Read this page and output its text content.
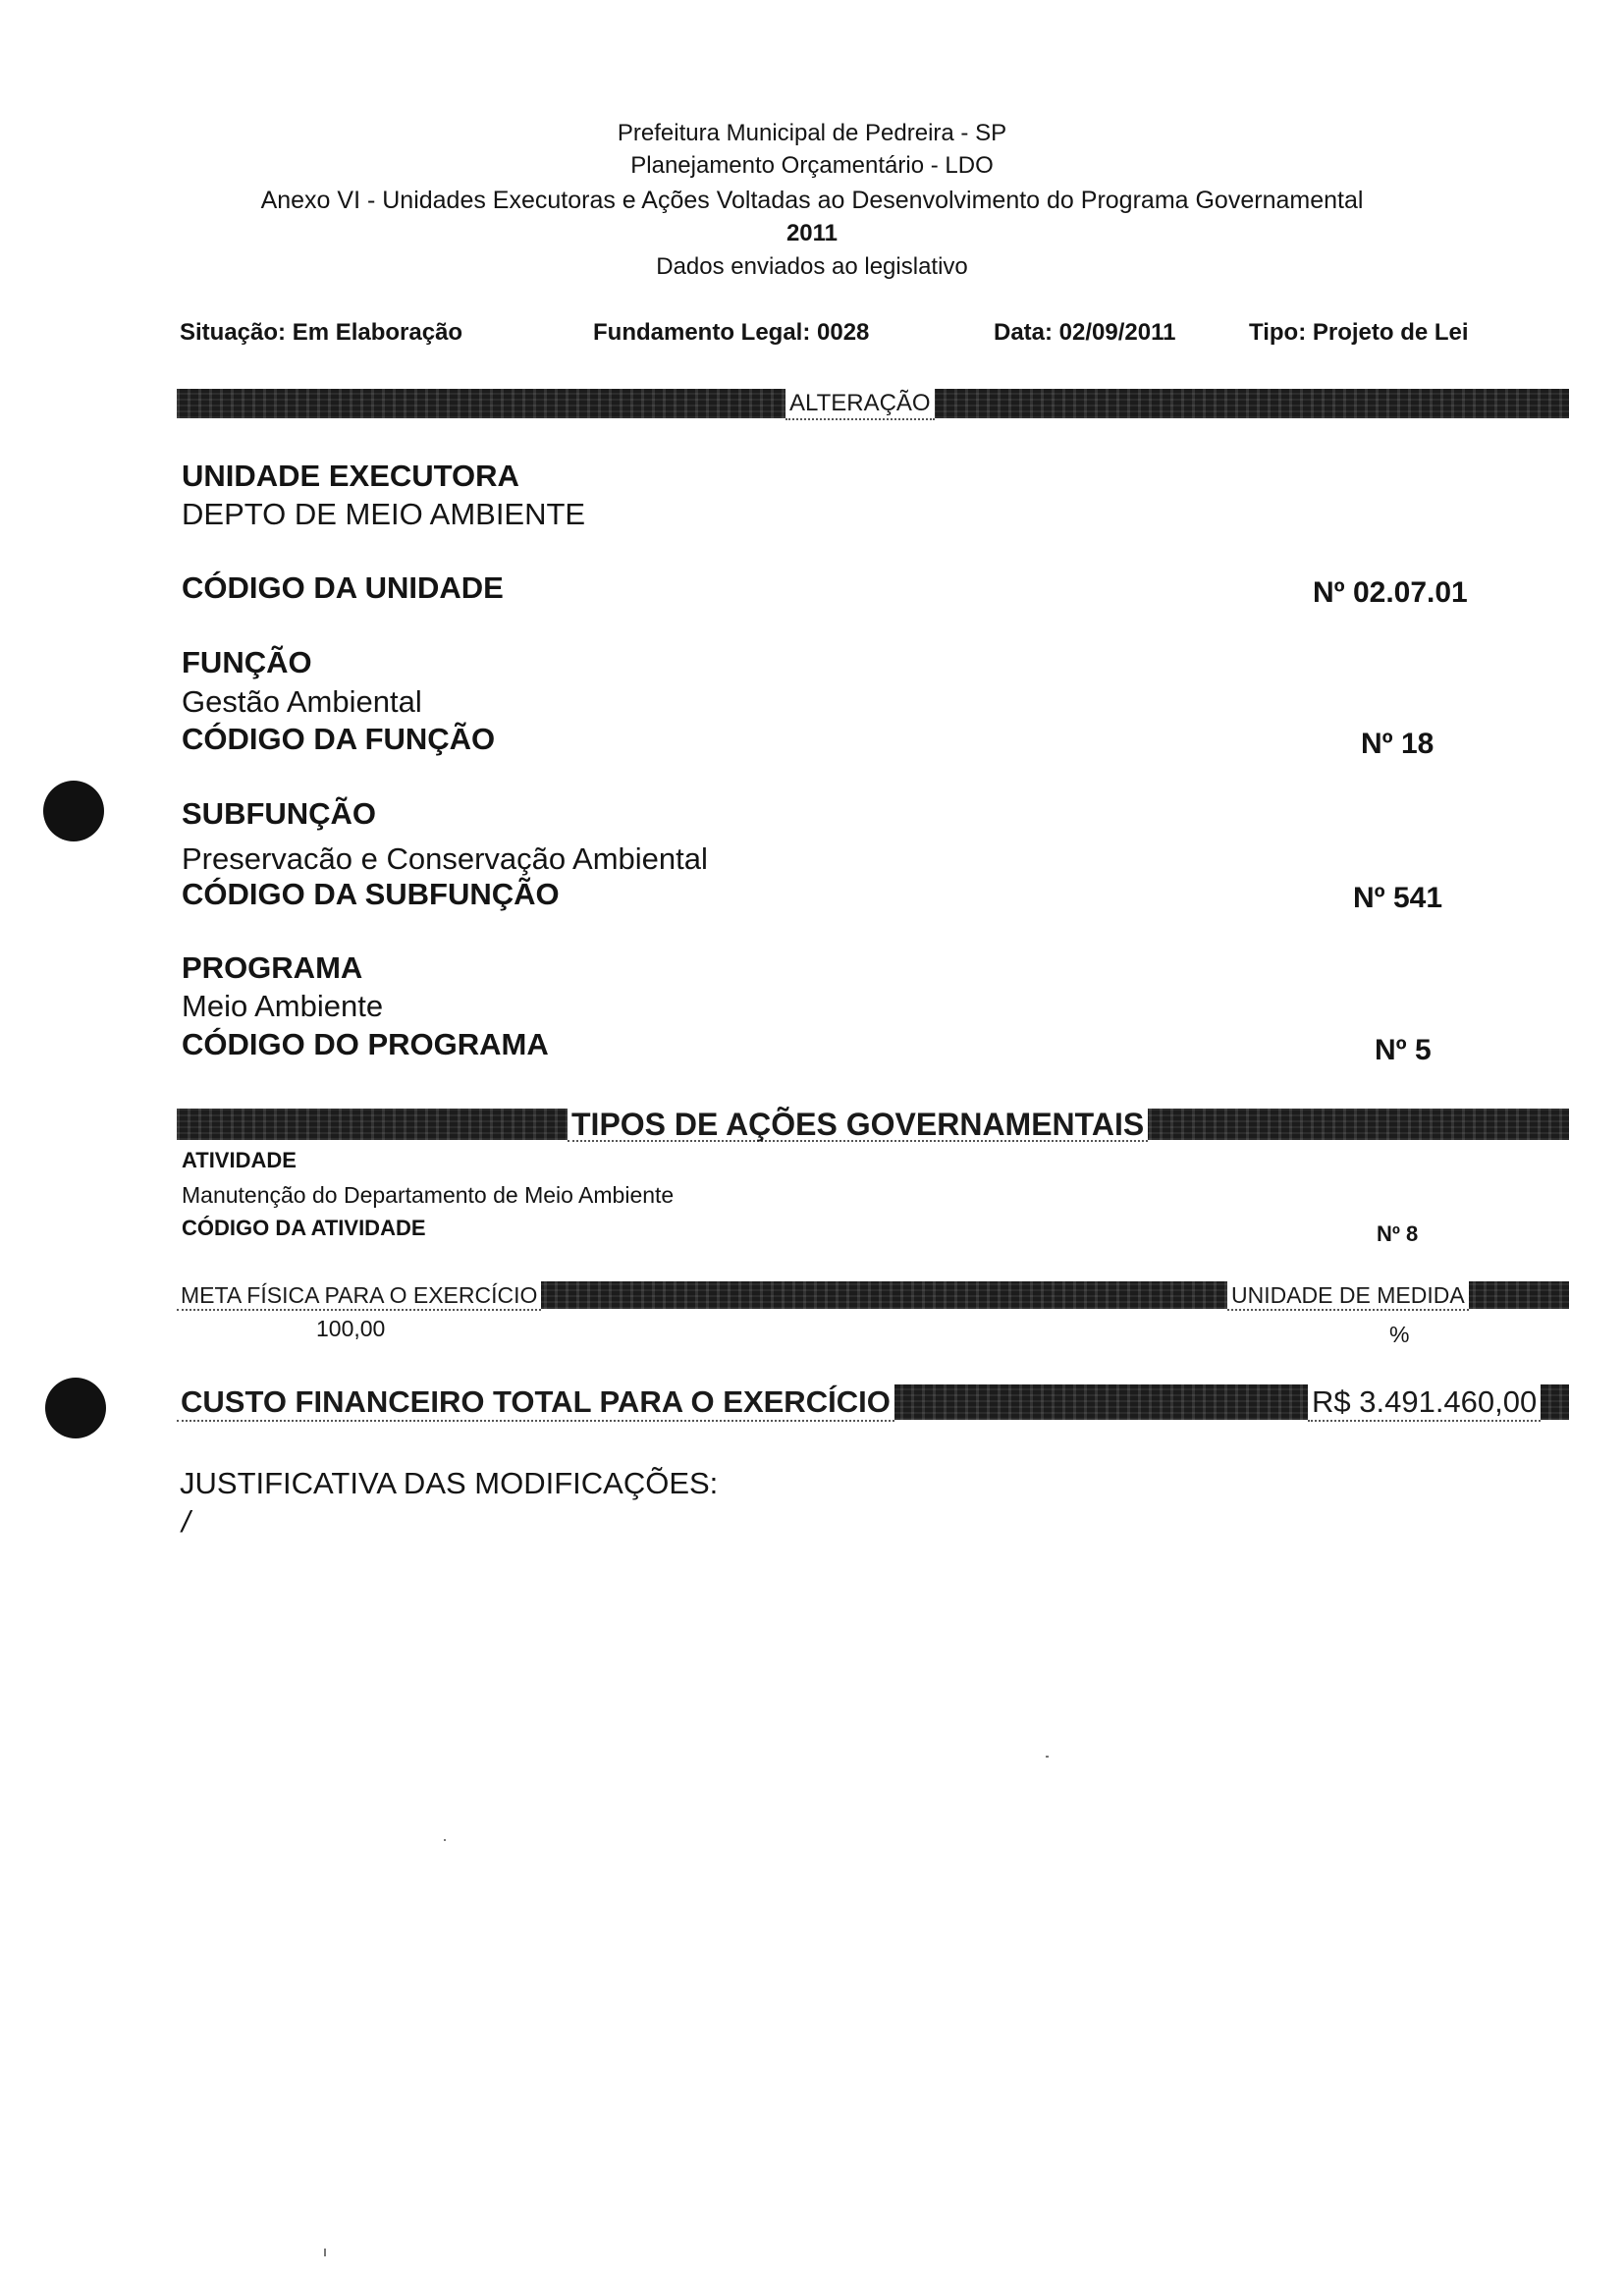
Prefeitura Municipal de Pedreira - SP
Planejamento Orçamentário - LDO
Anexo VI - Unidades Executoras e Ações Voltadas ao Desenvolvimento do Programa Governamental
2011
Dados enviados ao legislativo
Situação: Em Elaboração	Fundamento Legal: 0028	Data: 02/09/2011	Tipo: Projeto de Lei
ALTERAÇÃO
UNIDADE EXECUTORA
DEPTO DE MEIO AMBIENTE
CÓDIGO DA UNIDADE	Nº 02.07.01
FUNÇÃO
Gestão Ambiental
CÓDIGO DA FUNÇÃO	Nº 18
SUBFUNÇÃO
Preservacão e Conservação Ambiental
CÓDIGO DA SUBFUNÇÃO	Nº 541
PROGRAMA
Meio Ambiente
CÓDIGO DO PROGRAMA	Nº 5
TIPOS DE AÇÕES GOVERNAMENTAIS
ATIVIDADE
Manutenção do Departamento de Meio Ambiente
CÓDIGO DA ATIVIDADE	Nº 8
META FÍSICA PARA O EXERCÍCIO	UNIDADE DE MEDIDA
100,00	%
CUSTO FINANCEIRO TOTAL PARA O EXERCÍCIO	R$ 3.491.460,00
JUSTIFICATIVA DAS MODIFICAÇÕES:
/
